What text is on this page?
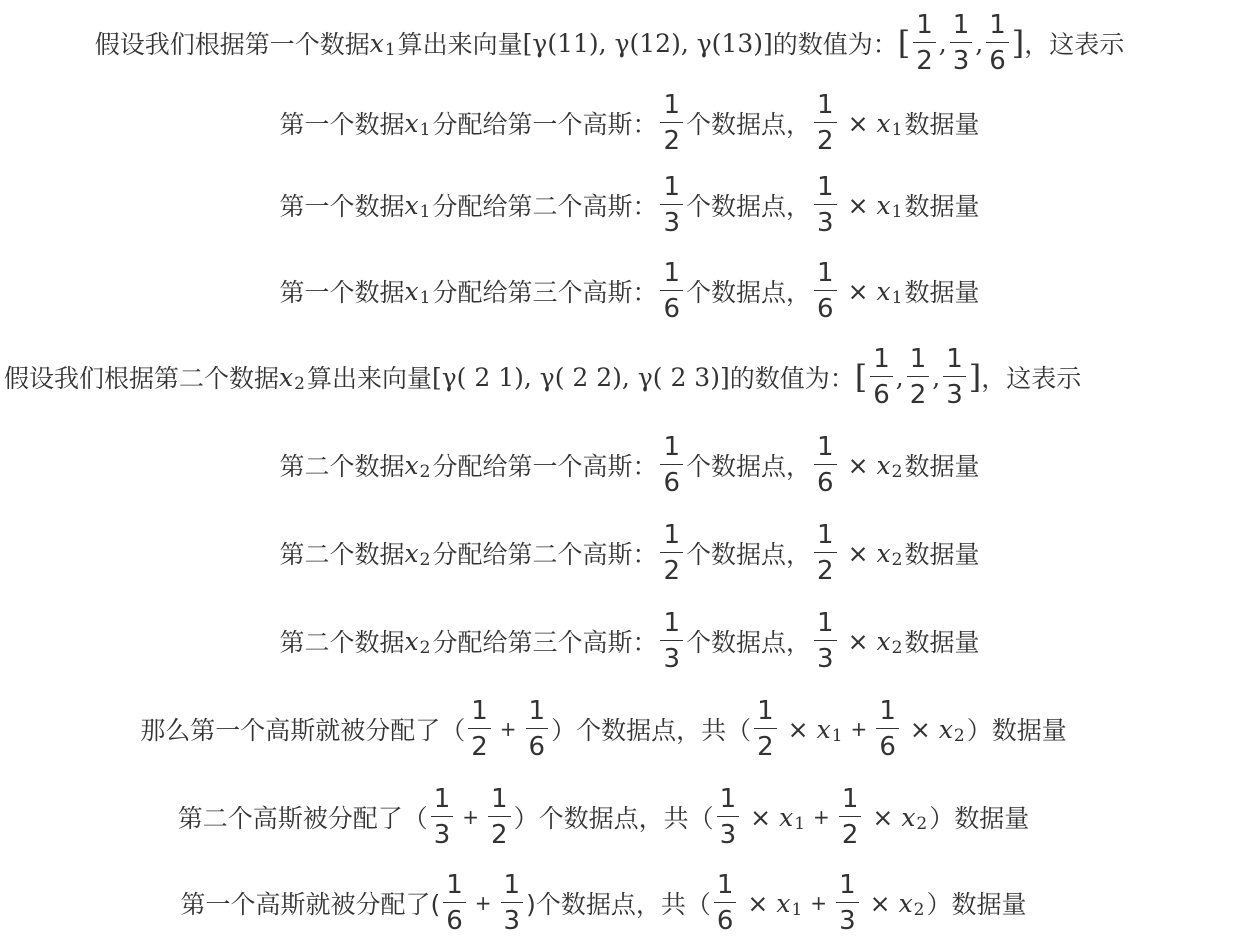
假设我们根据第一个数据 x 1 算出来向量 [γ(11), γ(12), γ(13)] 的数值为： [ $\frac{1}{2}$ , $\frac{1}{3}$ , $\frac{1}{6}$ ] ，这表示
第一个数据 x 1 分配给第一个高斯： $\frac{1}{2}$ 个数据点， $\frac{1}{2} \times x$ 1 数据量
第一个数据 x 1 分配给第二个高斯： $\frac{1}{3}$ 个数据点， $\frac{1}{3} \times x$ 1 数据量
第一个数据 x 1 分配给第三个高斯： $\frac{1}{6}$ 个数据点， $\frac{1}{6} \times x$ 1 数据量
假设我们根据第二个数据 x 2 算出来向量 [γ( 2 1), γ( 2 2), γ( 2 3)] 的数值为： [ $\frac{1}{6}$ , $\frac{1}{2}$ , $\frac{1}{3}$ ] ，这表示
第二个数据 x 2 分配给第一个高斯： $\frac{1}{6}$ 个数据点， $\frac{1}{6} \times x$ 2 数据量
第二个数据 x 2 分配给第二个高斯： $\frac{1}{2}$ 个数据点， $\frac{1}{2} \times x$ 2 数据量
第二个数据 x 2 分配给第三个高斯： $\frac{1}{3}$ 个数据点， $\frac{1}{3} \times x$ 2 数据量
那么第一个高斯就被分配了（ $\frac{1}{2} + \frac{1}{6}$ ）个数据点，共（ $\frac{1}{2} \times x$ $1 + \frac{1}{6} \times x$ 2 ）数据量
第二个高斯被分配了（ $\frac{1}{3} + \frac{1}{2}$ ）个数据点，共（ $\frac{1}{3} \times x$ $1 + \frac{1}{2} \times x$ 2 ）数据量
第一个高斯就被分配了( $\frac{1}{6} + \frac{1}{3}$ )个数据点，共（ $\frac{1}{6} \times x$ $1 + \frac{1}{3} \times x$ 2 ）数据量
